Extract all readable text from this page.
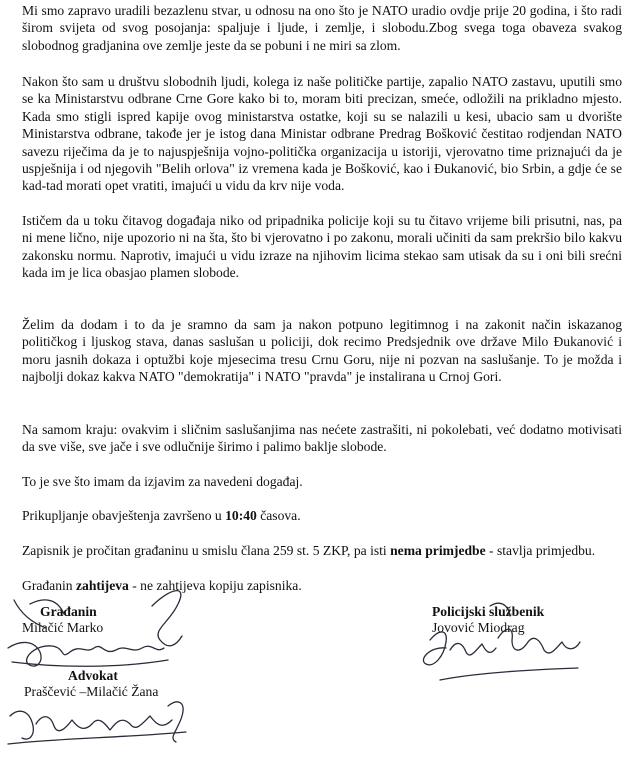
Mi smo zapravo uradili bezazlenu stvar, u odnosu na ono što je NATO uradio ovdje prije 20 godina, i što radi širom svijeta od svog posojanja: spaljuje i ljude, i zemlje, i slobodu.Zbog svega toga obaveza svakog slobodnog gradjanina ove zemlje jeste da se pobuni i ne miri sa zlom.

Nakon što sam u društvu slobodnih ljudi, kolega iz naše političke partije, zapalio NATO zastavu, uputili smo se ka Ministarstvu odbrane Crne Gore kako bi to, moram biti precizan, smeće, odložili na prikladno mjesto. Kada smo stigli ispred kapije ovog ministarstva ostatke, koji su se nalazili u kesi, ubacio sam u dvorište Ministarstva odbrane, takođe jer je istog dana Ministar odbrane Predrag Bošković čestitao rodjendan NATO savezu riječima da je to najuspješnija vojno-politička organizacija u istoriji, vjerovatno time priznajući da je uspješnija i od njegovih "Belih orlova" iz vremena kada je Bošković, kao i Đukanović, bio Srbin, a gdje će se kad-tad morati opet vratiti, imajući u vidu da krv nije voda.

Ističem da u toku čitavog događaja niko od pripadnika policije koji su tu čitavo vrijeme bili prisutni, nas, pa ni mene lično, nije upozorio ni na šta, što bi vjerovatno i po zakonu, morali učiniti da sam prekršio bilo kakvu zakonsku normu. Naprotiv, imajući u vidu izraze na njihovim licima stekao sam utisak da su i oni bili srećni kada im je lica obasjao plamen slobode.

Želim da dodam i to da je sramno da sam ja nakon potpuno legitimnog i na zakonit način iskazanog političkog i ljuskog stava, danas saslušan u policiji, dok recimo Predsjednik ove države Milo Đukanović i moru jasnih dokaza i optužbi koje mjesecima tresu Crnu Goru, nije ni pozvan na saslušanje. To je možda i najbolji dokaz kakva NATO "demokratija" i NATO "pravda" je instalirana u Crnoj Gori.

Na samom kraju: ovakvim i sličnim saslušanjima nas nećete zastrašiti, ni pokolebati, već dodatno motivisati da sve više, sve jače i sve odlučnije širimo i palimo baklje slobode.

To je sve što imam da izjavim za navedeni događaj.

Prikupljanje obavještenja završeno u 10:40 časova.

Zapisnik je pročitan građaninu u smislu člana 259 st. 5 ZKP, pa isti nema primjedbe - stavlja primjedbu.

Građanin zahtijeva - ne zahtijeva kopiju zapisnika.

Građanin
Milačić Marko
Policijski službenik
Jovović Miodrag
Advokat
Praščević –Milačić Žana
